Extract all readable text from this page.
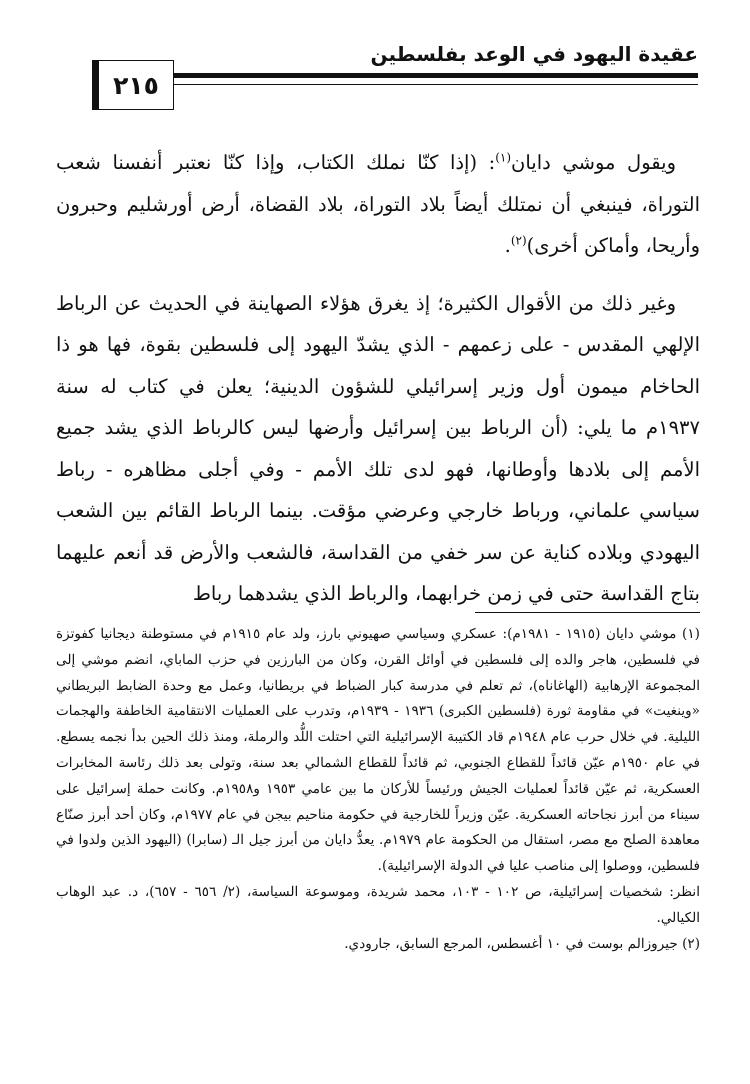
٢١٥
عقيدة اليهود في الوعد بفلسطين

ويقول موشي دايان$^{(١)}$: (إذا كنّا نملك الكتاب، وإذا كنّا نعتبر أنفسنا شعب التوراة، فينبغي أن نمتلك أيضاً بلاد التوراة، بلاد القضاة، أرض أورشليم وحبرون وأريحا، وأماكن أخرى)$^{(٢)}$.

وغير ذلك من الأقوال الكثيرة؛ إذ يغرق هؤلاء الصهاينة في الحديث عن الرباط الإلهي المقدس - على زعمهم - الذي يشدّ اليهود إلى فلسطين بقوة، فها هو ذا الحاخام ميمون أول وزير إسرائيلي للشؤون الدينية؛ يعلن في كتاب له سنة ١٩٣٧م ما يلي: (أن الرباط بين إسرائيل وأرضها ليس كالرباط الذي يشد جميع الأمم إلى بلادها وأوطانها، فهو لدى تلك الأمم - وفي أجلى مظاهره - رباط سياسي علماني، ورباط خارجي وعرضي مؤقت. بينما الرباط القائم بين الشعب اليهودي وبلاده كناية عن سر خفي من القداسة، فالشعب والأرض قد أنعم عليهما بتاج القداسة حتى في زمن خرابهما، والرباط الذي يشدهما رباط

(١) موشي دايان (١٩١٥ - ١٩٨١م): عسكري وسياسي صهيوني بارز، ولد عام ١٩١٥م في مستوطنة ديجانيا كفوتزة في فلسطين، هاجر والده إلى فلسطين في أوائل القرن، وكان من البارزين في حزب الماباي، انضم موشي إلى المجموعة الإرهابية (الهاغاناه)، ثم تعلم في مدرسة كبار الضباط في بريطانيا، وعمل مع وحدة الضابط البريطاني «وينغيت» في مقاومة ثورة (فلسطين الكبرى) ١٩٣٦ - ١٩٣٩م، وتدرب على العمليات الانتقامية الخاطفة والهجمات الليلية. في خلال حرب عام ١٩٤٨م قاد الكتيبة الإسرائيلية التي احتلت اللُّد والرملة، ومنذ ذلك الحين بدأ نجمه يسطع. في عام ١٩٥٠م عيّن قائداً للقطاع الجنوبي، ثم قائداً للقطاع الشمالي بعد سنة، وتولى بعد ذلك رئاسة المخابرات العسكرية، ثم عيّن قائداً لعمليات الجيش ورئيساً للأركان ما بين عامي ١٩٥٣ و١٩٥٨م. وكانت حملة إسرائيل على سيناء من أبرز نجاحاته العسكرية. عيّن وزيراً للخارجية في حكومة مناحيم بيجن في عام ١٩٧٧م، وكان أحد أبرز صنّاع معاهدة الصلح مع مصر، استقال من الحكومة عام ١٩٧٩م. يعدُّ دايان من أبرز جيل الـ (سابرا) (اليهود الذين ولدوا في فلسطين، ووصلوا إلى مناصب عليا في الدولة الإسرائيلية).

انظر: شخصيات إسرائيلية، ص ١٠٢ - ١٠٣، محمد شريدة، وموسوعة السياسة، (٢/ ٦٥٦ - ٦٥٧)، د. عبد الوهاب الكيالي.

(٢) جيروزالم بوست في ١٠ أغسطس، المرجع السابق، جارودي.
